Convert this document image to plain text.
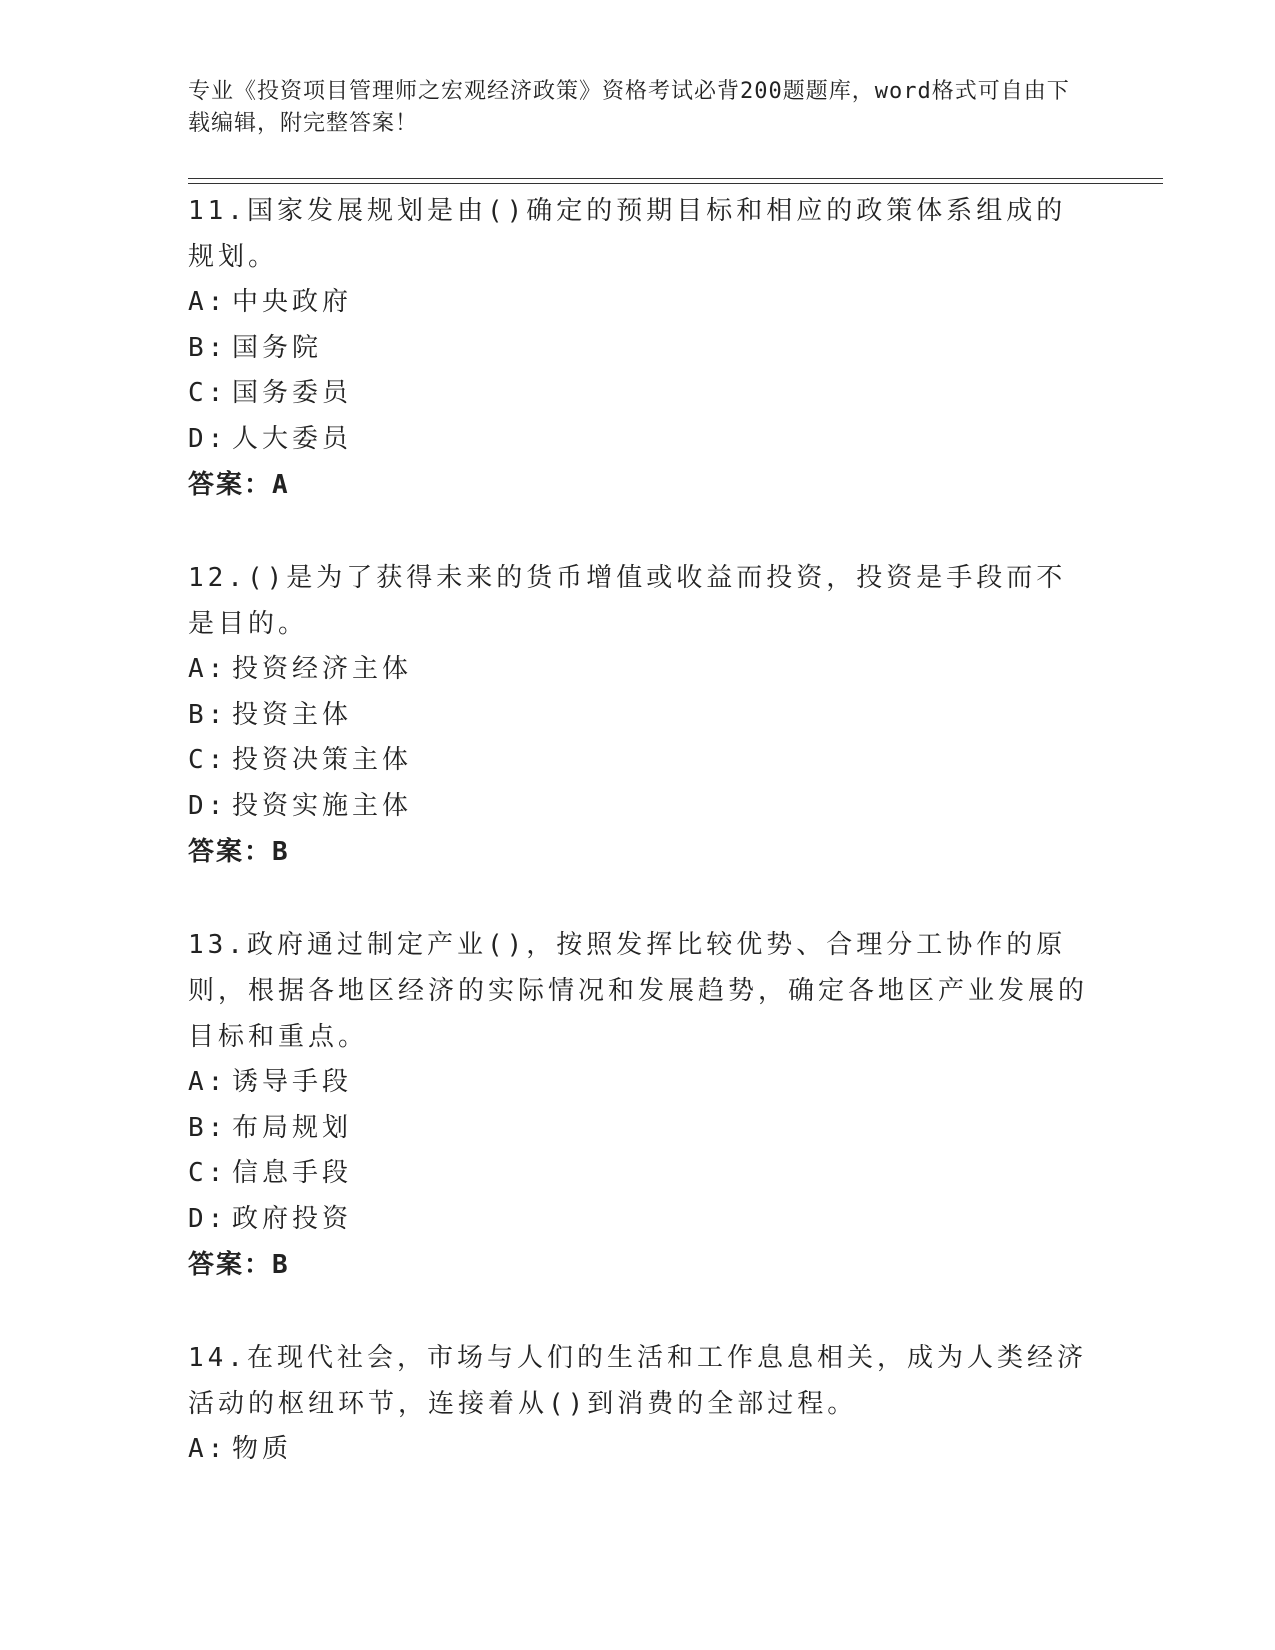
专业《投资项目管理师之宏观经济政策》资格考试必背200题题库，word格式可自由下载编辑，附完整答案！

11.国家发展规划是由()确定的预期目标和相应的政策体系组成的规划。

A: 中央政府
B: 国务院
C: 国务委员
D: 人大委员
答案：A

12.()是为了获得未来的货币增值或收益而投资，投资是手段而不是目的。

A: 投资经济主体
B: 投资主体
C: 投资决策主体
D: 投资实施主体
答案：B

13.政府通过制定产业()，按照发挥比较优势、合理分工协作的原则，根据各地区经济的实际情况和发展趋势，确定各地区产业发展的目标和重点。

A: 诱导手段
B: 布局规划
C: 信息手段
D: 政府投资
答案：B

14.在现代社会，市场与人们的生活和工作息息相关，成为人类经济活动的枢纽环节，连接着从()到消费的全部过程。

A: 物质
